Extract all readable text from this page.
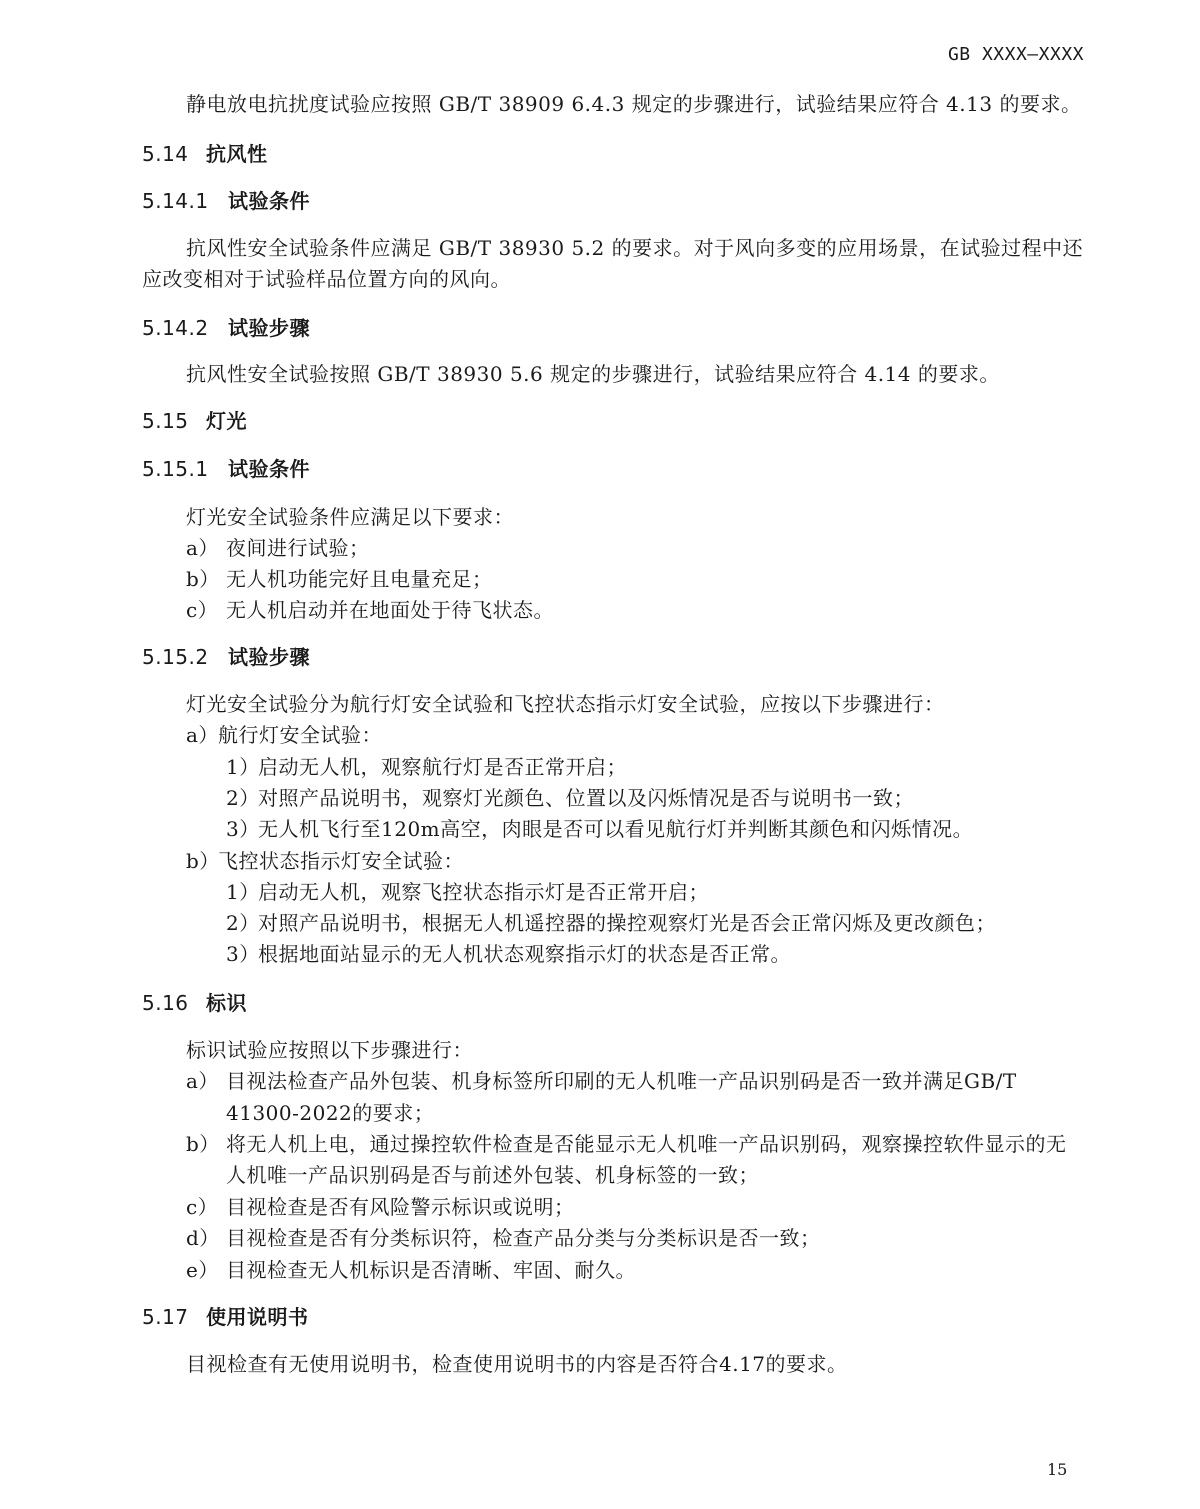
GB XXXX—XXXX
静电放电抗扰度试验应按照 GB/T 38909 6.4.3 规定的步骤进行，试验结果应符合 4.13 的要求。
5.14 抗风性
5.14.1 试验条件
抗风性安全试验条件应满足 GB/T 38930 5.2 的要求。对于风向多变的应用场景，在试验过程中还
应改变相对于试验样品位置方向的风向。
5.14.2 试验步骤
抗风性安全试验按照 GB/T 38930 5.6 规定的步骤进行，试验结果应符合 4.14 的要求。
5.15 灯光
5.15.1 试验条件
灯光安全试验条件应满足以下要求：
a） 夜间进行试验；
b） 无人机功能完好且电量充足；
c） 无人机启动并在地面处于待飞状态。
5.15.2 试验步骤
灯光安全试验分为航行灯安全试验和飞控状态指示灯安全试验，应按以下步骤进行：
a）航行灯安全试验：
1）启动无人机，观察航行灯是否正常开启；
2）对照产品说明书，观察灯光颜色、位置以及闪烁情况是否与说明书一致；
3）无人机飞行至120m高空，肉眼是否可以看见航行灯并判断其颜色和闪烁情况。
b）飞控状态指示灯安全试验：
1）启动无人机，观察飞控状态指示灯是否正常开启；
2）对照产品说明书，根据无人机遥控器的操控观察灯光是否会正常闪烁及更改颜色；
3）根据地面站显示的无人机状态观察指示灯的状态是否正常。
5.16 标识
标识试验应按照以下步骤进行：
a） 目视法检查产品外包装、机身标签所印刷的无人机唯一产品识别码是否一致并满足GB/T
41300-2022的要求；
b） 将无人机上电，通过操控软件检查是否能显示无人机唯一产品识别码，观察操控软件显示的无
人机唯一产品识别码是否与前述外包装、机身标签的一致；
c） 目视检查是否有风险警示标识或说明；
d） 目视检查是否有分类标识符，检查产品分类与分类标识是否一致；
e） 目视检查无人机标识是否清晰、牢固、耐久。
5.17 使用说明书
目视检查有无使用说明书，检查使用说明书的内容是否符合4.17的要求。
15
